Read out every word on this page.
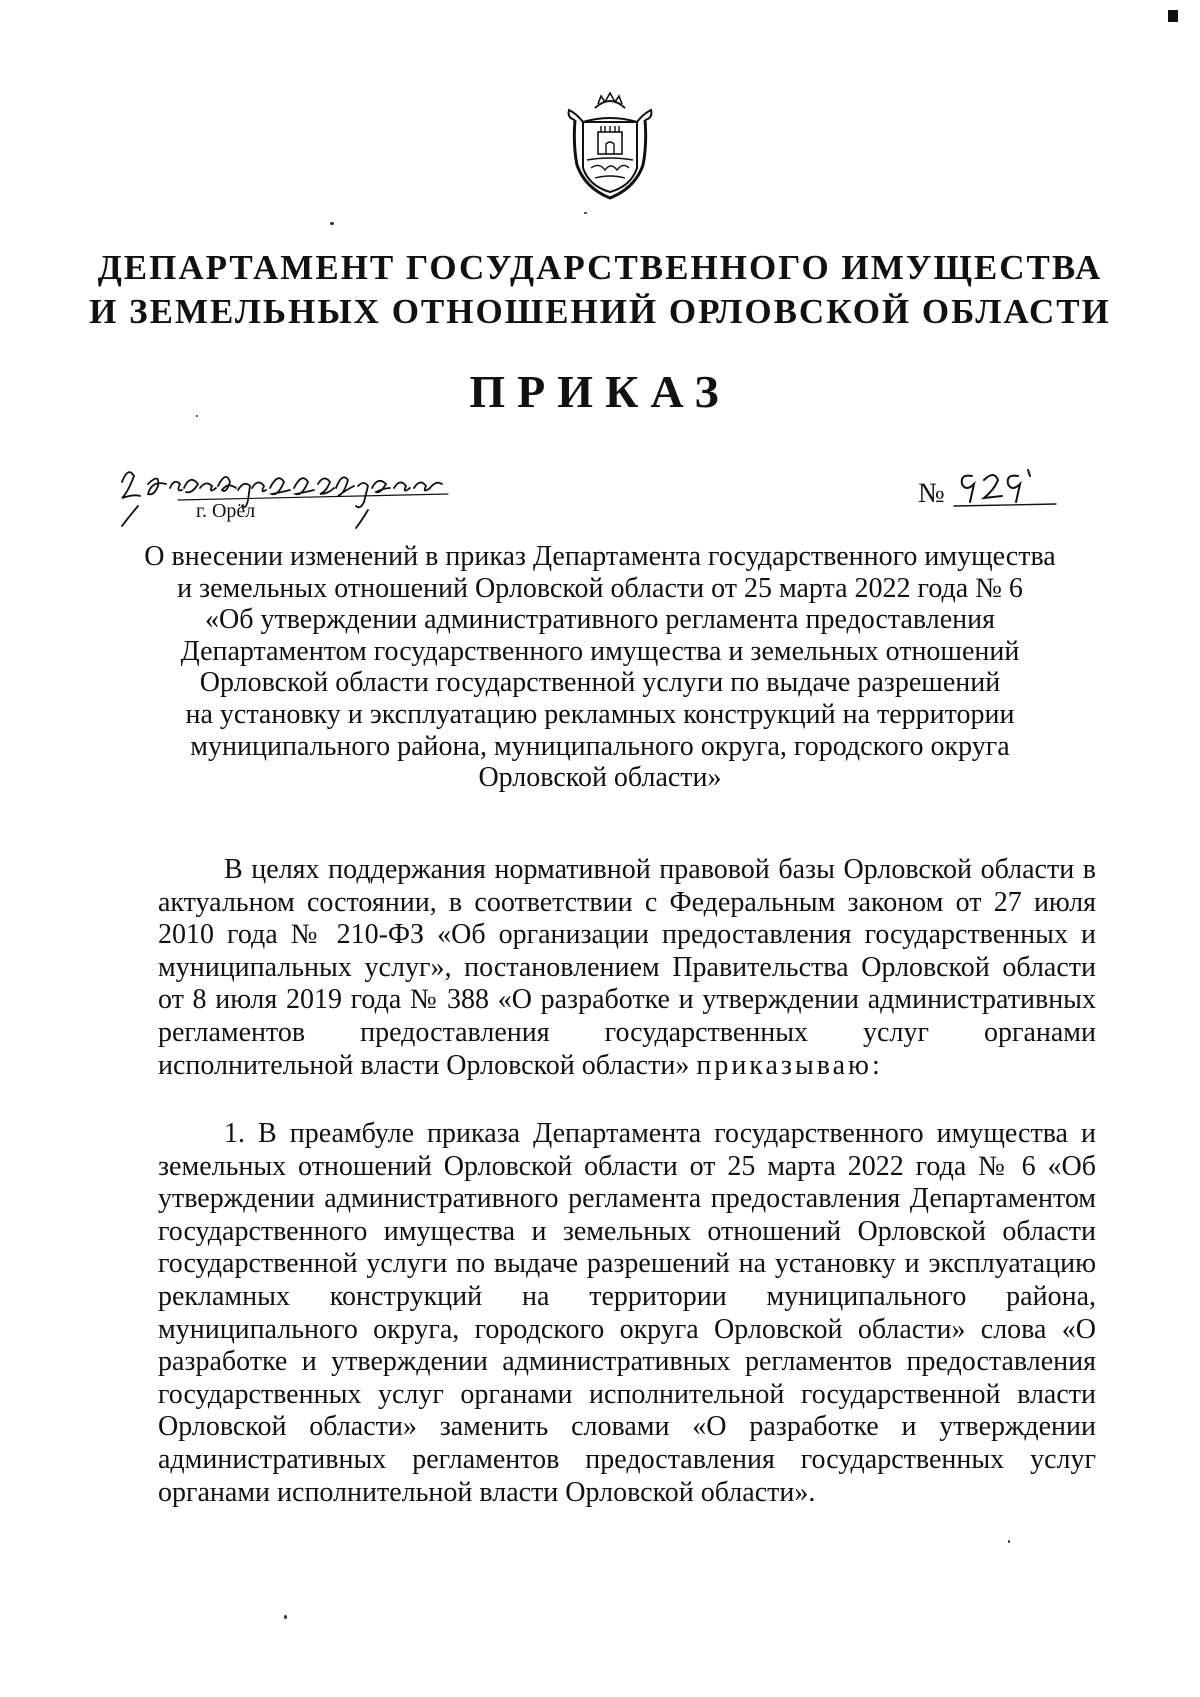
ДЕПАРТАМЕНТ ГОСУДАРСТВЕННОГО ИМУЩЕСТВА
И ЗЕМЕЛЬНЫХ ОТНОШЕНИЙ ОРЛОВСКОЙ ОБЛАСТИ
ПРИКАЗ
г. Орёл
№
О внесении изменений в приказ Департамента государственного имущества
и земельных отношений Орловской области от 25 марта 2022 года № 6
«Об утверждении административного регламента предоставления
Департаментом государственного имущества и земельных отношений
Орловской области государственной услуги по выдаче разрешений
на установку и эксплуатацию рекламных конструкций на территории
муниципального района, муниципального округа, городского округа
Орловской области»
В целях поддержания нормативной правовой базы Орловской области в актуальном состоянии, в соответствии с Федеральным законом от 27 июля 2010 года № 210-ФЗ «Об организации предоставления государственных и муниципальных услуг», постановлением Правительства Орловской области от 8 июля 2019 года № 388 «О разработке и утверждении административных регламентов предоставления государственных услуг органами исполнительной власти Орловской области» приказываю:
1. В преамбуле приказа Департамента государственного имущества и земельных отношений Орловской области от 25 марта 2022 года № 6 «Об утверждении административного регламента предоставления Департаментом государственного имущества и земельных отношений Орловской области государственной услуги по выдаче разрешений на установку и эксплуатацию рекламных конструкций на территории муниципального района, муниципального округа, городского округа Орловской области» слова «О разработке и утверждении административных регламентов предоставления государственных услуг органами исполнительной государственной власти Орловской области» заменить словами «О разработке и утверждении административных регламентов предоставления государственных услуг органами исполнительной власти Орловской области».
